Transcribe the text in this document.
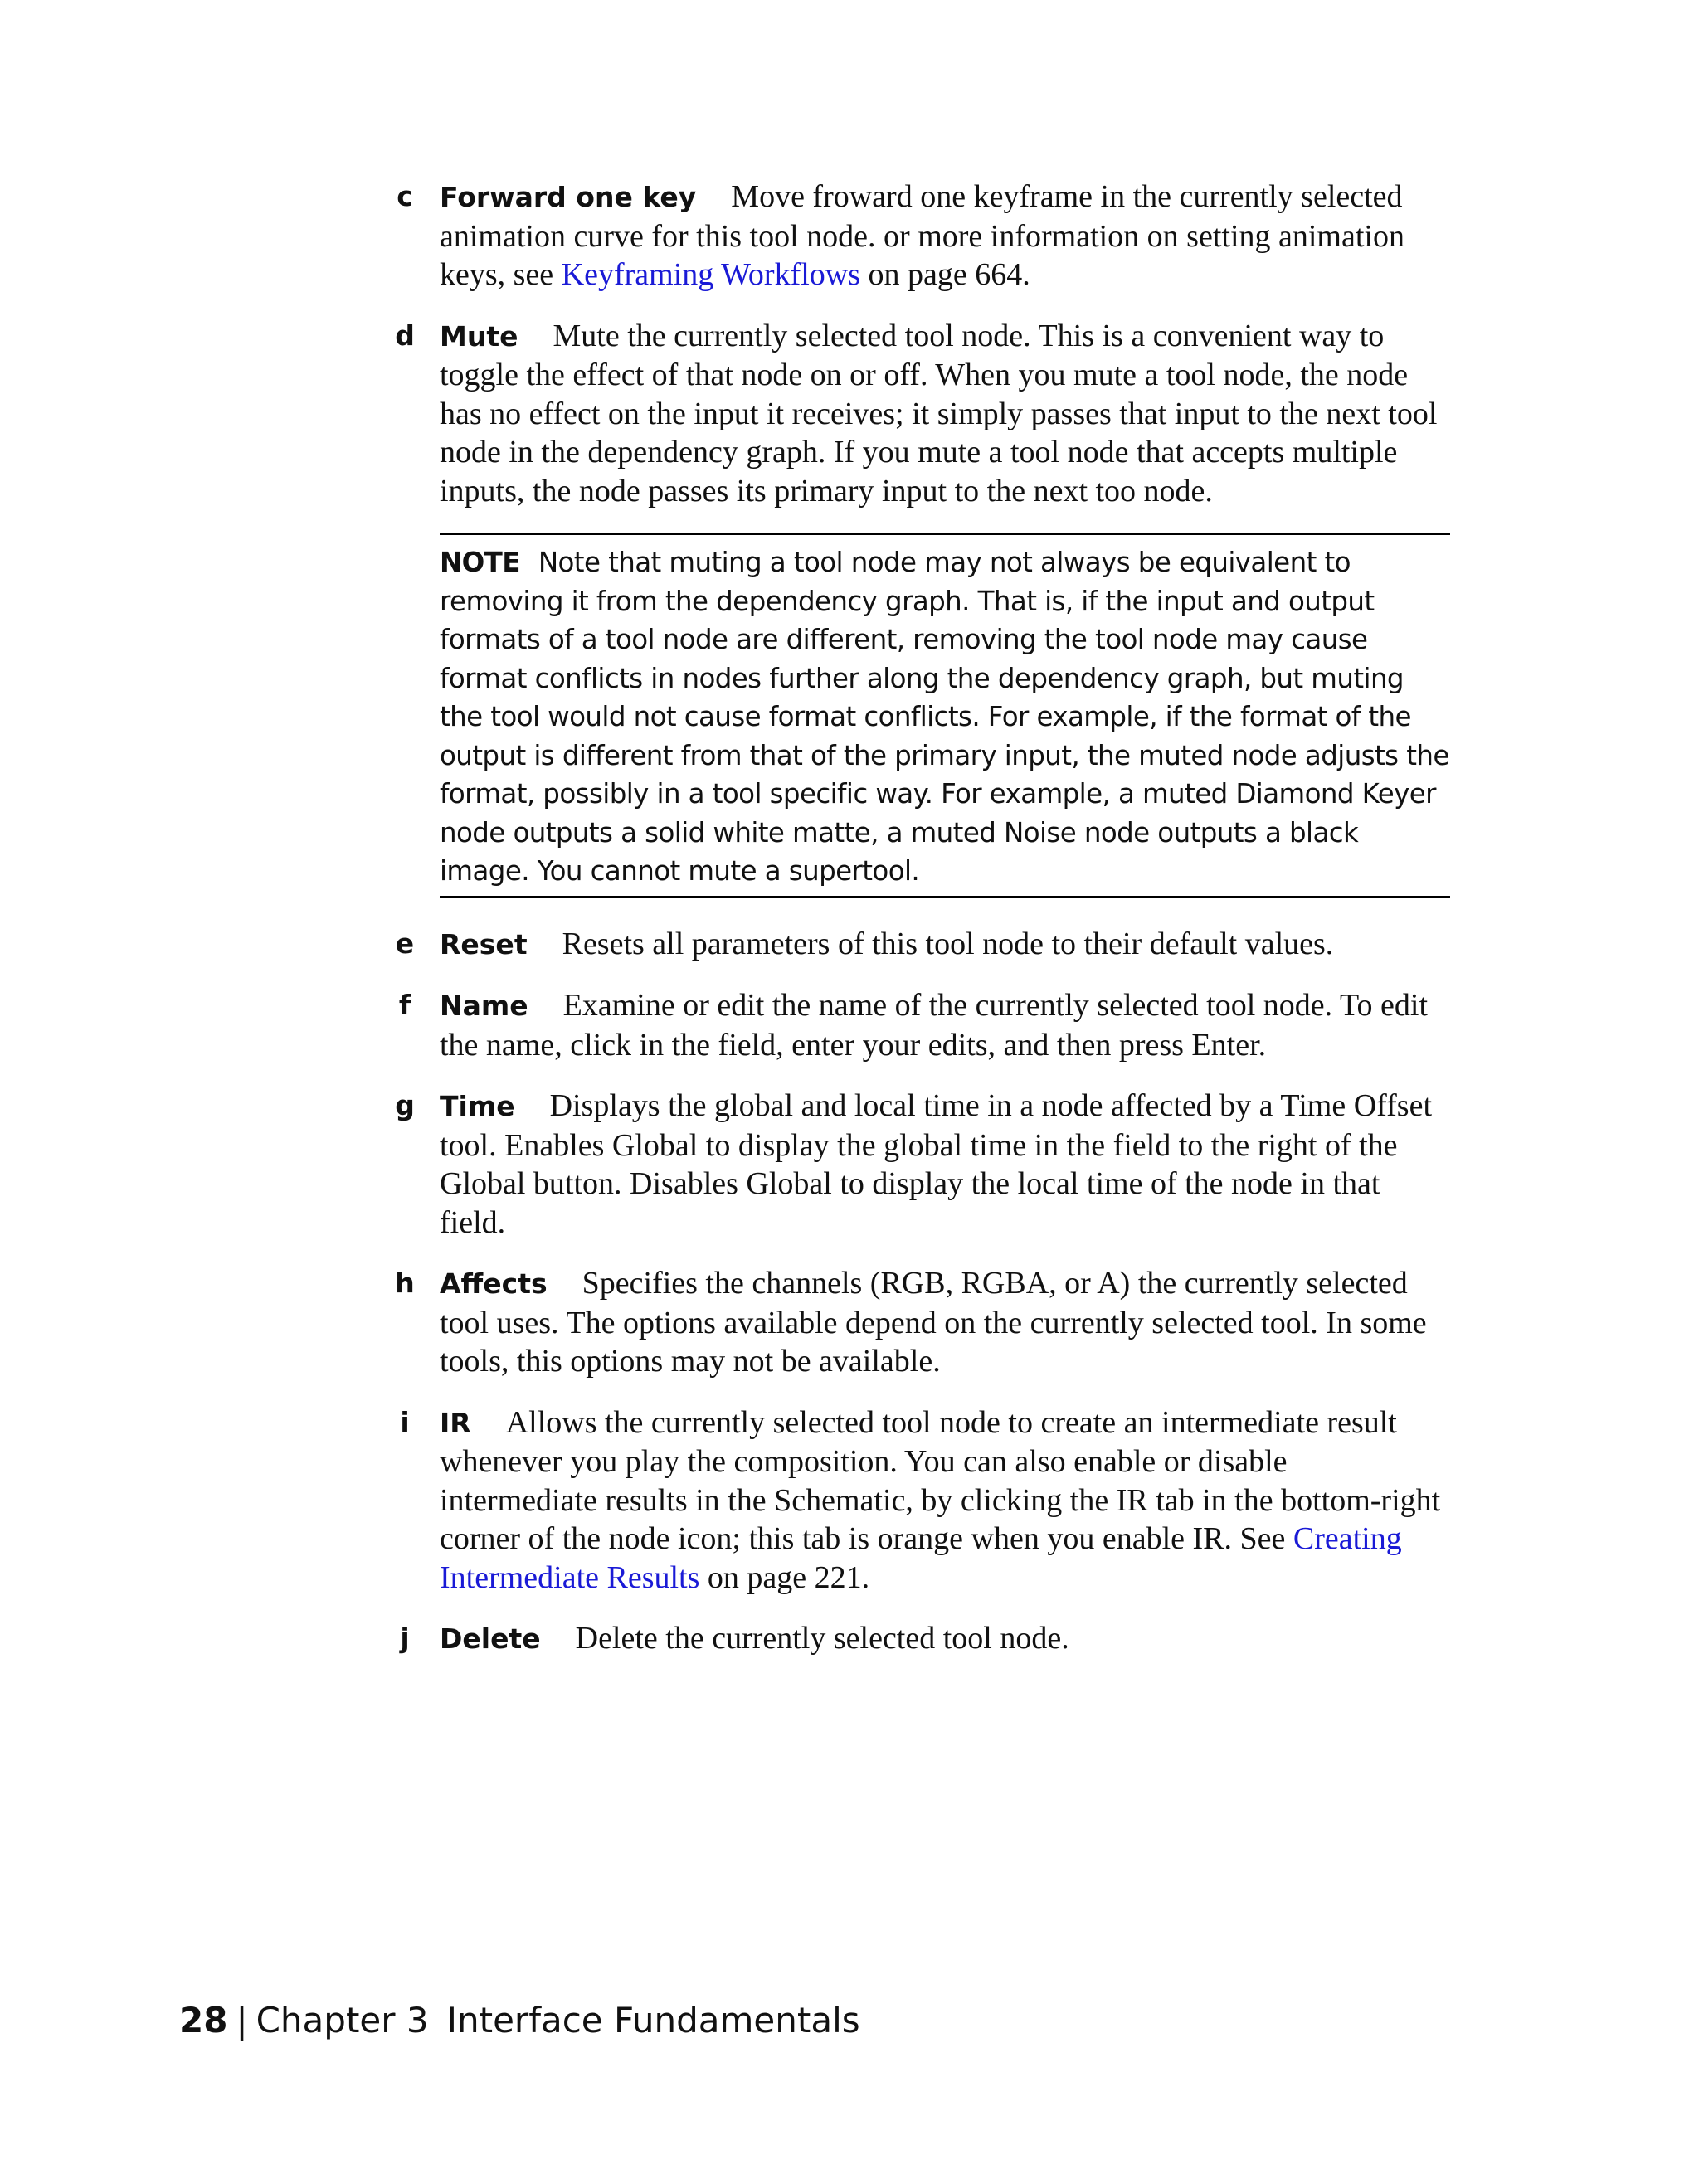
c Forward one key Move froward one keyframe in the currently selected animation curve for this tool node. or more information on setting animation keys, see Keyframing Workflows on page 664.
d Mute Mute the currently selected tool node. This is a convenient way to toggle the effect of that node on or off. When you mute a tool node, the node has no effect on the input it receives; it simply passes that input to the next tool node in the dependency graph. If you mute a tool node that accepts multiple inputs, the node passes its primary input to the next too node.
NOTE Note that muting a tool node may not always be equivalent to removing it from the dependency graph. That is, if the input and output formats of a tool node are different, removing the tool node may cause format conflicts in nodes further along the dependency graph, but muting the tool would not cause format conflicts. For example, if the format of the output is different from that of the primary input, the muted node adjusts the format, possibly in a tool specific way. For example, a muted Diamond Keyer node outputs a solid white matte, a muted Noise node outputs a black image. You cannot mute a supertool.
e Reset Resets all parameters of this tool node to their default values.
f	Name Examine or edit the name of the currently selected tool node. To edit the name, click in the field, enter your edits, and then press Enter.
g Time Displays the global and local time in a node affected by a Time Offset tool. Enables Global to display the global time in the field to the right of the Global button. Disables Global to display the local time of the node in that field.
h Affects Specifies the channels (RGB, RGBA, or A) the currently selected tool uses. The options available depend on the currently selected tool. In some tools, this options may not be available.
i	IR Allows the currently selected tool node to create an intermediate result whenever you play the composition. You can also enable or disable intermediate results in the Schematic, by clicking the IR tab in the bottom-right corner of the node icon; this tab is orange when you enable IR. See Creating Intermediate Results on page 221.
j	Delete Delete the currently selected tool node.
28 | Chapter 3 Interface Fundamentals
